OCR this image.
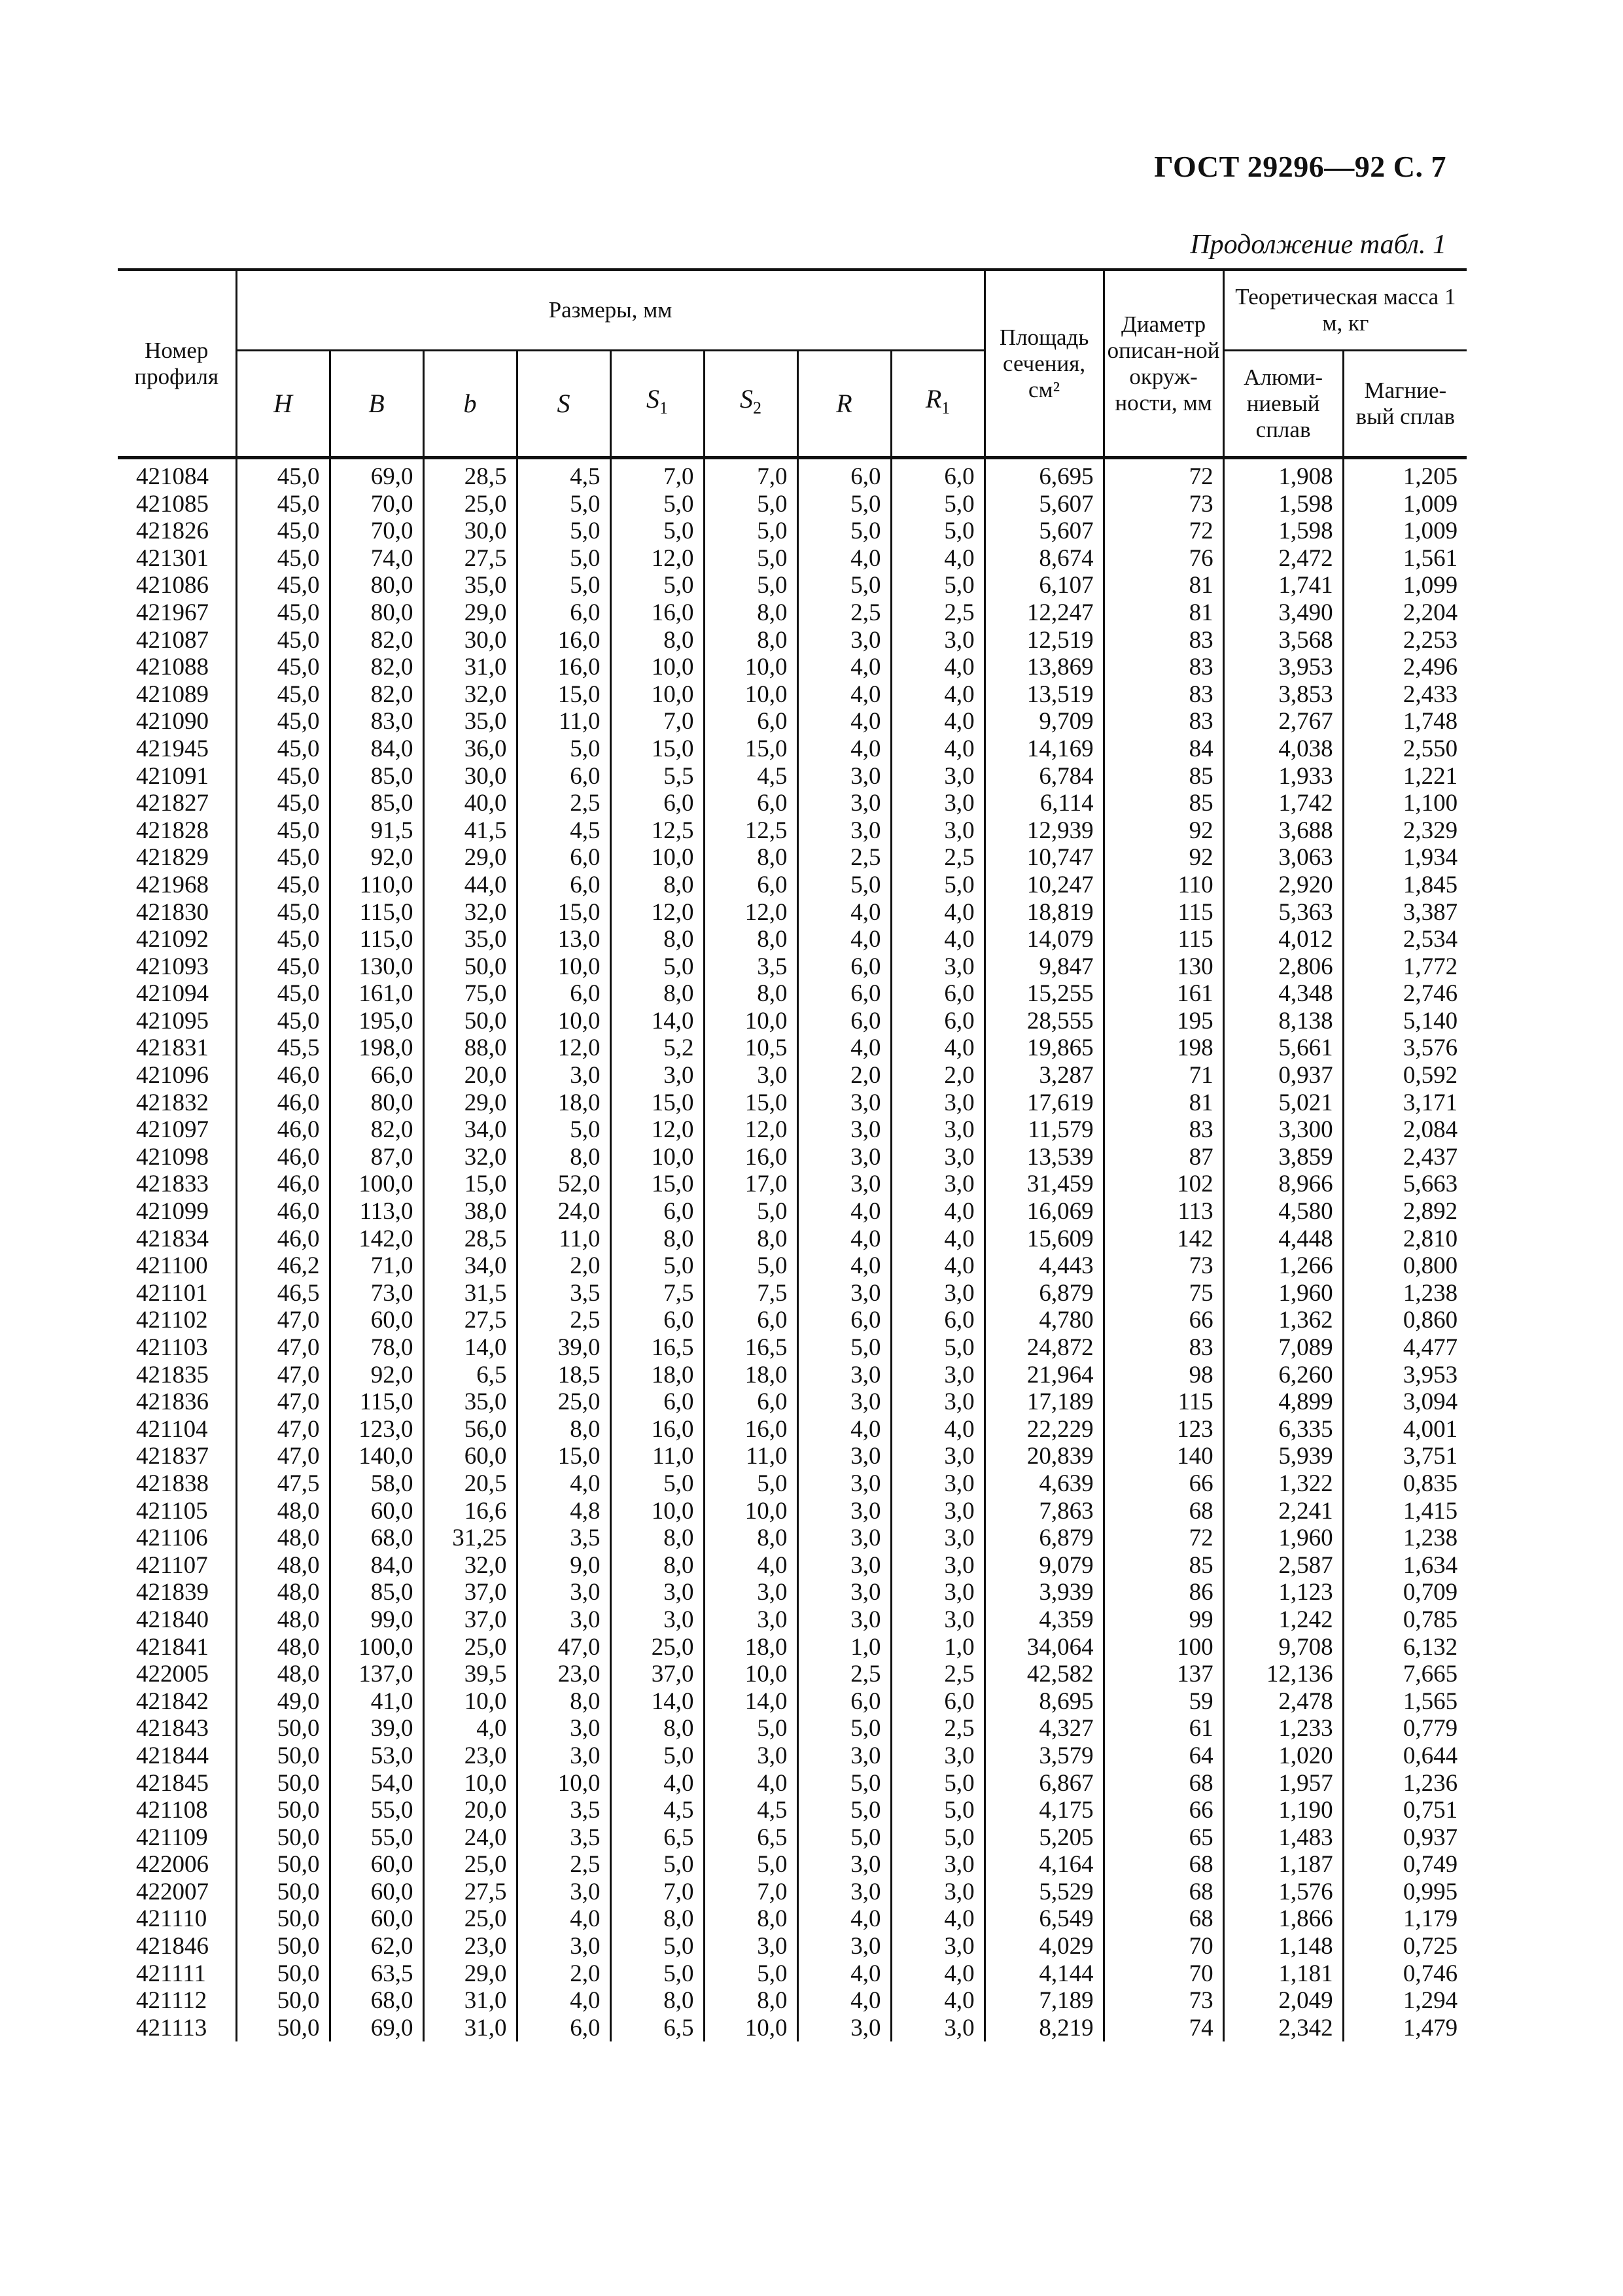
ГОСТ 29296—92 С. 7
Продолжение табл. 1
Номер профиля	Размеры, мм								Площадь сечения, см²	Диаметр описан-ной окруж-ности, мм	Теоретическая масса 1 м, кг	
	H	B	b	S	$S_1$	$S_2$	R	$R_1$			Алюми-ниевый сплав	Магние-вый сплав
421084	45,0	69,0	28,5	4,5	7,0	7,0	6,0	6,0	6,695	72	1,908	1,205
421085	45,0	70,0	25,0	5,0	5,0	5,0	5,0	5,0	5,607	73	1,598	1,009
421826	45,0	70,0	30,0	5,0	5,0	5,0	5,0	5,0	5,607	72	1,598	1,009
421301	45,0	74,0	27,5	5,0	12,0	5,0	4,0	4,0	8,674	76	2,472	1,561
421086	45,0	80,0	35,0	5,0	5,0	5,0	5,0	5,0	6,107	81	1,741	1,099
421967	45,0	80,0	29,0	6,0	16,0	8,0	2,5	2,5	12,247	81	3,490	2,204
421087	45,0	82,0	30,0	16,0	8,0	8,0	3,0	3,0	12,519	83	3,568	2,253
421088	45,0	82,0	31,0	16,0	10,0	10,0	4,0	4,0	13,869	83	3,953	2,496
421089	45,0	82,0	32,0	15,0	10,0	10,0	4,0	4,0	13,519	83	3,853	2,433
421090	45,0	83,0	35,0	11,0	7,0	6,0	4,0	4,0	9,709	83	2,767	1,748
421945	45,0	84,0	36,0	5,0	15,0	15,0	4,0	4,0	14,169	84	4,038	2,550
421091	45,0	85,0	30,0	6,0	5,5	4,5	3,0	3,0	6,784	85	1,933	1,221
421827	45,0	85,0	40,0	2,5	6,0	6,0	3,0	3,0	6,114	85	1,742	1,100
421828	45,0	91,5	41,5	4,5	12,5	12,5	3,0	3,0	12,939	92	3,688	2,329
421829	45,0	92,0	29,0	6,0	10,0	8,0	2,5	2,5	10,747	92	3,063	1,934
421968	45,0	110,0	44,0	6,0	8,0	6,0	5,0	5,0	10,247	110	2,920	1,845
421830	45,0	115,0	32,0	15,0	12,0	12,0	4,0	4,0	18,819	115	5,363	3,387
421092	45,0	115,0	35,0	13,0	8,0	8,0	4,0	4,0	14,079	115	4,012	2,534
421093	45,0	130,0	50,0	10,0	5,0	3,5	6,0	3,0	9,847	130	2,806	1,772
421094	45,0	161,0	75,0	6,0	8,0	8,0	6,0	6,0	15,255	161	4,348	2,746
421095	45,0	195,0	50,0	10,0	14,0	10,0	6,0	6,0	28,555	195	8,138	5,140
421831	45,5	198,0	88,0	12,0	5,2	10,5	4,0	4,0	19,865	198	5,661	3,576
421096	46,0	66,0	20,0	3,0	3,0	3,0	2,0	2,0	3,287	71	0,937	0,592
421832	46,0	80,0	29,0	18,0	15,0	15,0	3,0	3,0	17,619	81	5,021	3,171
421097	46,0	82,0	34,0	5,0	12,0	12,0	3,0	3,0	11,579	83	3,300	2,084
421098	46,0	87,0	32,0	8,0	10,0	16,0	3,0	3,0	13,539	87	3,859	2,437
421833	46,0	100,0	15,0	52,0	15,0	17,0	3,0	3,0	31,459	102	8,966	5,663
421099	46,0	113,0	38,0	24,0	6,0	5,0	4,0	4,0	16,069	113	4,580	2,892
421834	46,0	142,0	28,5	11,0	8,0	8,0	4,0	4,0	15,609	142	4,448	2,810
421100	46,2	71,0	34,0	2,0	5,0	5,0	4,0	4,0	4,443	73	1,266	0,800
421101	46,5	73,0	31,5	3,5	7,5	7,5	3,0	3,0	6,879	75	1,960	1,238
421102	47,0	60,0	27,5	2,5	6,0	6,0	6,0	6,0	4,780	66	1,362	0,860
421103	47,0	78,0	14,0	39,0	16,5	16,5	5,0	5,0	24,872	83	7,089	4,477
421835	47,0	92,0	6,5	18,5	18,0	18,0	3,0	3,0	21,964	98	6,260	3,953
421836	47,0	115,0	35,0	25,0	6,0	6,0	3,0	3,0	17,189	115	4,899	3,094
421104	47,0	123,0	56,0	8,0	16,0	16,0	4,0	4,0	22,229	123	6,335	4,001
421837	47,0	140,0	60,0	15,0	11,0	11,0	3,0	3,0	20,839	140	5,939	3,751
421838	47,5	58,0	20,5	4,0	5,0	5,0	3,0	3,0	4,639	66	1,322	0,835
421105	48,0	60,0	16,6	4,8	10,0	10,0	3,0	3,0	7,863	68	2,241	1,415
421106	48,0	68,0	31,25	3,5	8,0	8,0	3,0	3,0	6,879	72	1,960	1,238
421107	48,0	84,0	32,0	9,0	8,0	4,0	3,0	3,0	9,079	85	2,587	1,634
421839	48,0	85,0	37,0	3,0	3,0	3,0	3,0	3,0	3,939	86	1,123	0,709
421840	48,0	99,0	37,0	3,0	3,0	3,0	3,0	3,0	4,359	99	1,242	0,785
421841	48,0	100,0	25,0	47,0	25,0	18,0	1,0	1,0	34,064	100	9,708	6,132
422005	48,0	137,0	39,5	23,0	37,0	10,0	2,5	2,5	42,582	137	12,136	7,665
421842	49,0	41,0	10,0	8,0	14,0	14,0	6,0	6,0	8,695	59	2,478	1,565
421843	50,0	39,0	4,0	3,0	8,0	5,0	5,0	2,5	4,327	61	1,233	0,779
421844	50,0	53,0	23,0	3,0	5,0	3,0	3,0	3,0	3,579	64	1,020	0,644
421845	50,0	54,0	10,0	10,0	4,0	4,0	5,0	5,0	6,867	68	1,957	1,236
421108	50,0	55,0	20,0	3,5	4,5	4,5	5,0	5,0	4,175	66	1,190	0,751
421109	50,0	55,0	24,0	3,5	6,5	6,5	5,0	5,0	5,205	65	1,483	0,937
422006	50,0	60,0	25,0	2,5	5,0	5,0	3,0	3,0	4,164	68	1,187	0,749
422007	50,0	60,0	27,5	3,0	7,0	7,0	3,0	3,0	5,529	68	1,576	0,995
421110	50,0	60,0	25,0	4,0	8,0	8,0	4,0	4,0	6,549	68	1,866	1,179
421846	50,0	62,0	23,0	3,0	5,0	3,0	3,0	3,0	4,029	70	1,148	0,725
421111	50,0	63,5	29,0	2,0	5,0	5,0	4,0	4,0	4,144	70	1,181	0,746
421112	50,0	68,0	31,0	4,0	8,0	8,0	4,0	4,0	7,189	73	2,049	1,294
421113	50,0	69,0	31,0	6,0	6,5	10,0	3,0	3,0	8,219	74	2,342	1,479
